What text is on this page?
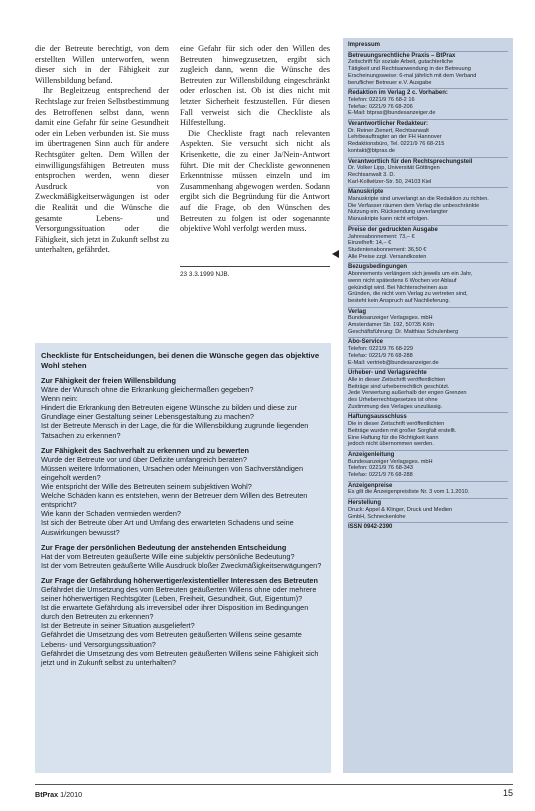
die der Betreute berechtigt, von dem erstellten Willen unterworfen, wenn dieser sich in der Fähigkeit zur Willensbildung befand.

Ihr Begleitzeug entsprechend der Rechtslage zur freien Selbstbestimmung des Betroffenen selbst dann, wenn damit eine Gefahr für seine Gesundheit oder ein Leben verbunden ist. Sie muss im übertragenen Sinn auch für andere Rechtsgüter gelten. Dem Willen der einwilligungsfähigen Betreuten muss entsprochen werden, wenn dieser Ausdruck von Zweckmäßigkeitserwägungen ist oder die Realität und die Wünsche die gesamte Lebens- und Versorgungssituation oder die Fähigkeit, sich jetzt in Zukunft selbst zu unterhalten, gefährdet.

eine Gefahr für sich oder den Willen des Betreuten hinwegzusetzen, ergibt sich zugleich dann, wenn die Wünsche des Betreuten zur Willensbildung eingeschränkt oder erloschen ist. Ob ist dies nicht mit letzter Sicherheit festzustellen. Für diesen Fall verweist sich die Checkliste als Hilfestellung.

Die Checkliste fragt nach relevanten Aspekten. Sie versucht sich nicht als Krisenkette, die zu einer Ja/Nein-Antwort führt. Die mit der Checkliste gewonnenen Erkenntnisse müssen einzeln und im Zusammenhang abgewogen werden. Sodann ergibt sich die Begründung für die Antwort auf die Frage, ob den Wünschen des Betreuten zu folgen ist oder sogenannte objektive Wohl verfolgt werden muss.

23 3.3.1999 NJB.
Checkliste für Entscheidungen, bei denen die Wünsche gegen das objektive Wohl stehen
Zur Fähigkeit der freien Willensbildung

Wäre der Wunsch ohne die Erkrankung gleichermaßen gegeben?

Wenn nein:

Hindert die Erkrankung den Betreuten eigene Wünsche zu bilden und diese zur Grundlage einer Gestaltung seiner Lebensgestaltung zu machen?

Ist der Betreute Mensch in der Lage, die für die Willensbildung zugrunde liegenden Tatsachen zu erkennen?

Zur Fähigkeit des Sachverhalt zu erkennen und zu bewerten

Wurde der Betreute vor und über Defizite umfangreich beraten?

Müssen weitere Informationen, Ursachen oder Meinungen von Sachverständigen eingeholt werden?

Wie entspricht der Wille des Betreuten seinem subjektiven Wohl?

Welche Schäden kann es entstehen, wenn der Betreuer dem Willen des Betreuten entspricht?

Wie kann der Schaden vermieden werden?

Ist sich der Betreute über Art und Umfang des erwarteten Schadens und seine Auswirkungen bewusst?

Zur Frage der persönlichen Bedeutung der anstehenden Entscheidung

Hat der vom Betreuten geäußerte Wille eine subjektiv persönliche Bedeutung?

Ist der vom Betreuten geäußerte Wille Ausdruck bloßer Zweckmäßigkeitserwägungen?

Zur Frage der Gefährdung höherwertiger/existentieller Interessen des Betreuten

Gefährdet die Umsetzung des vom Betreuten geäußerten Willens ohne oder mehrere seiner höherwertigen Rechtsgüter (Leben, Freiheit, Gesundheit, Gut, Eigentum)?

Ist die erwartete Gefährdung als irreversibel oder ihrer Disposition im Bedingungen durch den Betreuten zu erkennen?

Ist der Betreute in seiner Situation ausgeliefert?

Gefährdet die Umsetzung des vom Betreuten geäußerten Willens seine gesamte Lebens- und Versorgungssituation?

Gefährdet die Umsetzung des vom Betreuten geäußerten Willens seine Fähigkeit sich jetzt und in Zukunft selbst zu unterhalten?

Impressum
Betreuungsrechtliche Praxis – BtPrax
Zeitschrift für soziale Arbeit, gutachterliche
Tätigkeit und Rechtsanwendung in der Betreuung
Erscheinungsweise: 6-mal jährlich mit dem Verband
beruflicher Betreuer e.V. Ausgabe
Redaktion im Verlag 2 c. Vorhaben:
Telefon: 0221/9 76 68-2 16
Telefax: 0221/9 76 68-206
E-Mail: btprax@bundesanzeiger.de
Verantwortlicher Redakteur:
Dr. Reiner Zienert, Rechtsanwalt
Lehrbeauftragter an der FH Hannover
Redaktionsbüro, Tel. 0221/9 76 68-215
kontakt@btprax.de
Verantwortlich für den Rechtsprechungsteil
Dr. Volker Lipp, Universität Göttingen
Rechtsanwalt 3. D.
Karl-Kollwitzer-Str. 50, 24103 Kiel
Manuskripte
Manuskripte sind unverlangt an die Redaktion zu richten.
Die Verfasser räumen dem Verlag die unbeschränkte
Nutzung ein. Rücksendung unverlangter
Manuskripte kann nicht erfolgen.
Preise der gedruckten Ausgabe
Jahresabonnement: 73,– €
Einzelheft: 14,– €
Studentenabonnement: 36,50 €
Alle Preise zzgl. Versandkosten
Bezugsbedingungen
Abonnements verlängern sich jeweils um ein Jahr,
wenn nicht spätestens 6 Wochen vor Ablauf
gekündigt wird. Bei Nichterscheinen aus
Gründen, die nicht vom Verlag zu vertreten sind,
besteht kein Anspruch auf Nachlieferung.
Verlag
Bundesanzeiger Verlagsges. mbH
Amsterdamer Str. 192, 50735 Köln
Geschäftsführung: Dr. Matthias Schulenberg
Abo-Service
Telefon: 0221/9 76 68-229
Telefax: 0221/9 76 68-288
E-Mail: vertrieb@bundesanzeiger.de
Urheber- und Verlagsrechte
Alle in dieser Zeitschrift veröffentlichten
Beiträge sind urheberrechtlich geschützt.
Jede Verwertung außerhalb der engen Grenzen
des Urheberrechtsgesetzes ist ohne
Zustimmung des Verlages unzulässig.
Haftungsausschluss
Die in dieser Zeitschrift veröffentlichten
Beiträge wurden mit großer Sorgfalt erstellt.
Eine Haftung für die Richtigkeit kann
jedoch nicht übernommen werden.
Anzeigenleitung
Bundesanzeiger Verlagsges. mbH
Telefon: 0221/9 76 68-343
Telefax: 0221/9 76 68-288
Anzeigenpreise
Es gilt die Anzeigenpreisliste Nr. 3 vom 1.1.2010.
Herstellung
Druck: Appel & Klinger, Druck und Medien
GmbH, Schneckenlohe
ISSN 0942-2390
BtPrax 1/2010	15
